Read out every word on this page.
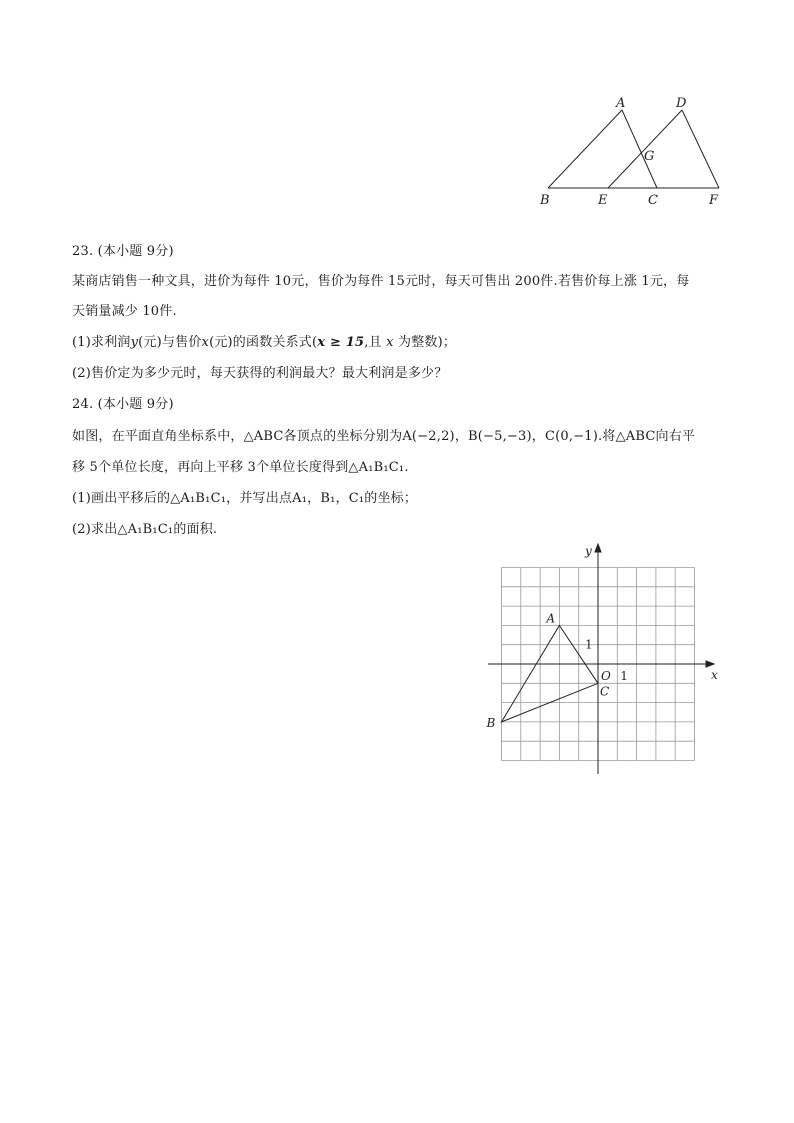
A	D
G
B	E	C	F
23. (本小题 9分)
某商店销售一种文具，进价为每件 10元，售价为每件 15元时，每天可售出 200件.若售价每上涨 1元，每
天销量减少 10件.
(1)求利润y(元)与售价x(元)的函数关系式(x ≥ 15,且 x 为整数)；
(2)售价定为多少元时，每天获得的利润最大？最大利润是多少？
24. (本小题 9分)
如图，在平面直角坐标系中，△ABC各顶点的坐标分别为A(−2,2)，B(−5,−3)，C(0,−1).将△ABC向右平
移 5个单位长度，再向上平移 3个单位长度得到△A₁B₁C₁.
(1)画出平移后的△A₁B₁C₁，并写出点A₁，B₁，C₁的坐标；
(2)求出△A₁B₁C₁的面积.
x
y
O 1
1
A
B
C
